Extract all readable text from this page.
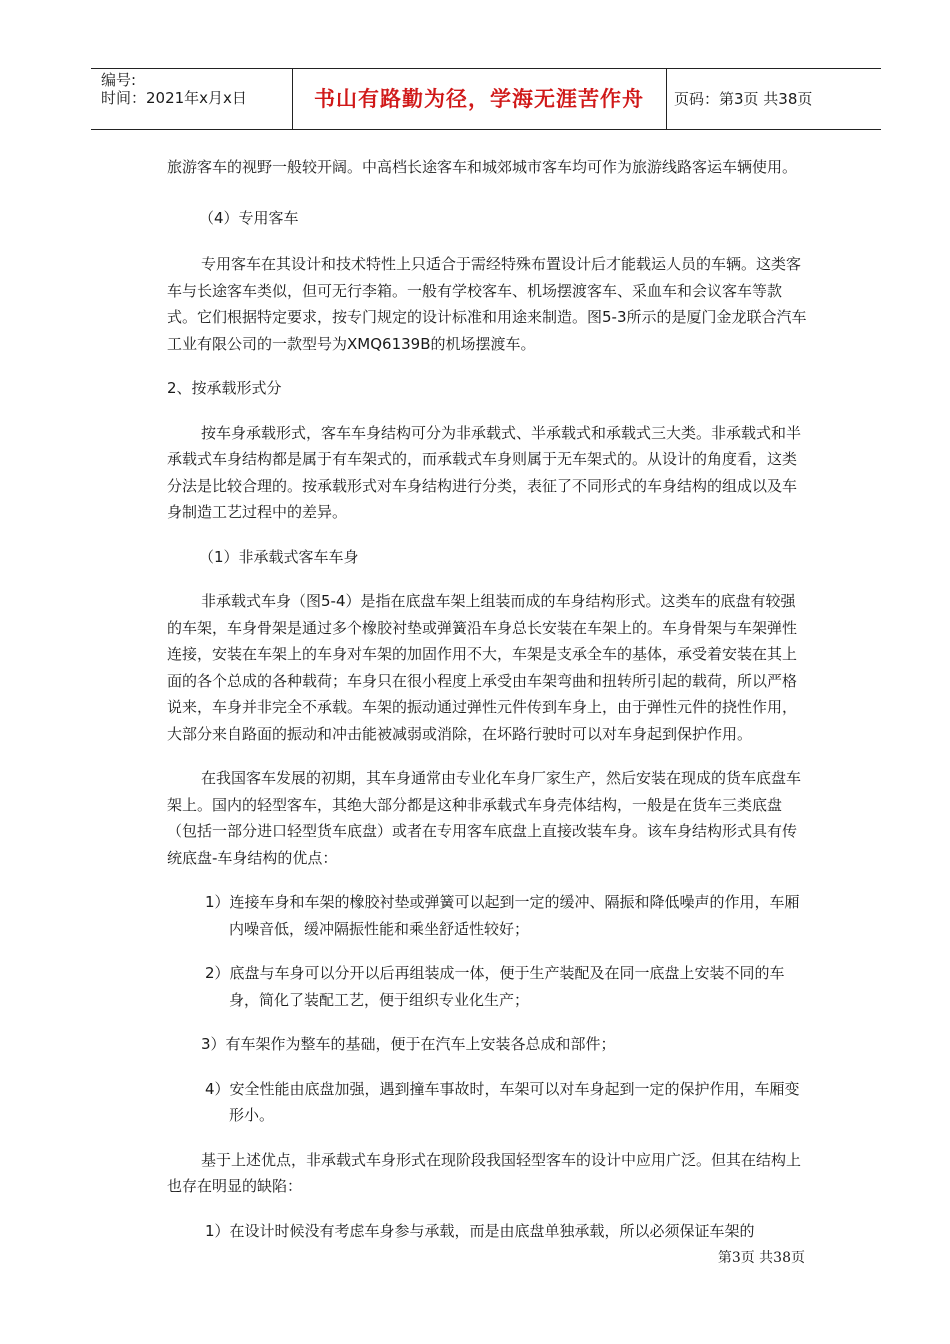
编号:
时间：2021年x月x日	书山有路勤为径，学海无涯苦作舟	页码：第3页 共38页

旅游客车的视野一般较开阔。中高档长途客车和城郊城市客车均可作为旅游线路客运车辆使用。

（4）专用客车

专用客车在其设计和技术特性上只适合于需经特殊布置设计后才能载运人员的车辆。这类客车与长途客车类似，但可无行李箱。一般有学校客车、机场摆渡客车、采血车和会议客车等款式。它们根据特定要求，按专门规定的设计标准和用途来制造。图5-3所示的是厦门金龙联合汽车工业有限公司的一款型号为XMQ6139B的机场摆渡车。

2、按承载形式分

按车身承载形式，客车车身结构可分为非承载式、半承载式和承载式三大类。非承载式和半承载式车身结构都是属于有车架式的，而承载式车身则属于无车架式的。从设计的角度看，这类分法是比较合理的。按承载形式对车身结构进行分类，表征了不同形式的车身结构的组成以及车身制造工艺过程中的差异。

（1）非承载式客车车身

非承载式车身（图5-4）是指在底盘车架上组装而成的车身结构形式。这类车的底盘有较强的车架，车身骨架是通过多个橡胶衬垫或弹簧沿车身总长安装在车架上的。车身骨架与车架弹性连接，安装在车架上的车身对车架的加固作用不大，车架是支承全车的基体，承受着安装在其上面的各个总成的各种载荷；车身只在很小程度上承受由车架弯曲和扭转所引起的载荷，所以严格说来，车身并非完全不承载。车架的振动通过弹性元件传到车身上，由于弹性元件的挠性作用，大部分来自路面的振动和冲击能被减弱或消除，在坏路行驶时可以对车身起到保护作用。

在我国客车发展的初期，其车身通常由专业化车身厂家生产，然后安装在现成的货车底盘车架上。国内的轻型客车，其绝大部分都是这种非承载式车身壳体结构，一般是在货车三类底盘（包括一部分进口轻型货车底盘）或者在专用客车底盘上直接改装车身。该车身结构形式具有传统底盘-车身结构的优点：

1）连接车身和车架的橡胶衬垫或弹簧可以起到一定的缓冲、隔振和降低噪声的作用，车厢内噪音低，缓冲隔振性能和乘坐舒适性较好；

2）底盘与车身可以分开以后再组装成一体，便于生产装配及在同一底盘上安装不同的车身，简化了装配工艺，便于组织专业化生产；

3）有车架作为整车的基础，便于在汽车上安装各总成和部件；

4）安全性能由底盘加强，遇到撞车事故时，车架可以对车身起到一定的保护作用，车厢变形小。

基于上述优点，非承载式车身形式在现阶段我国轻型客车的设计中应用广泛。但其在结构上也存在明显的缺陷：

1）在设计时候没有考虑车身参与承载，而是由底盘单独承载，所以必须保证车架的

第3页 共38页
